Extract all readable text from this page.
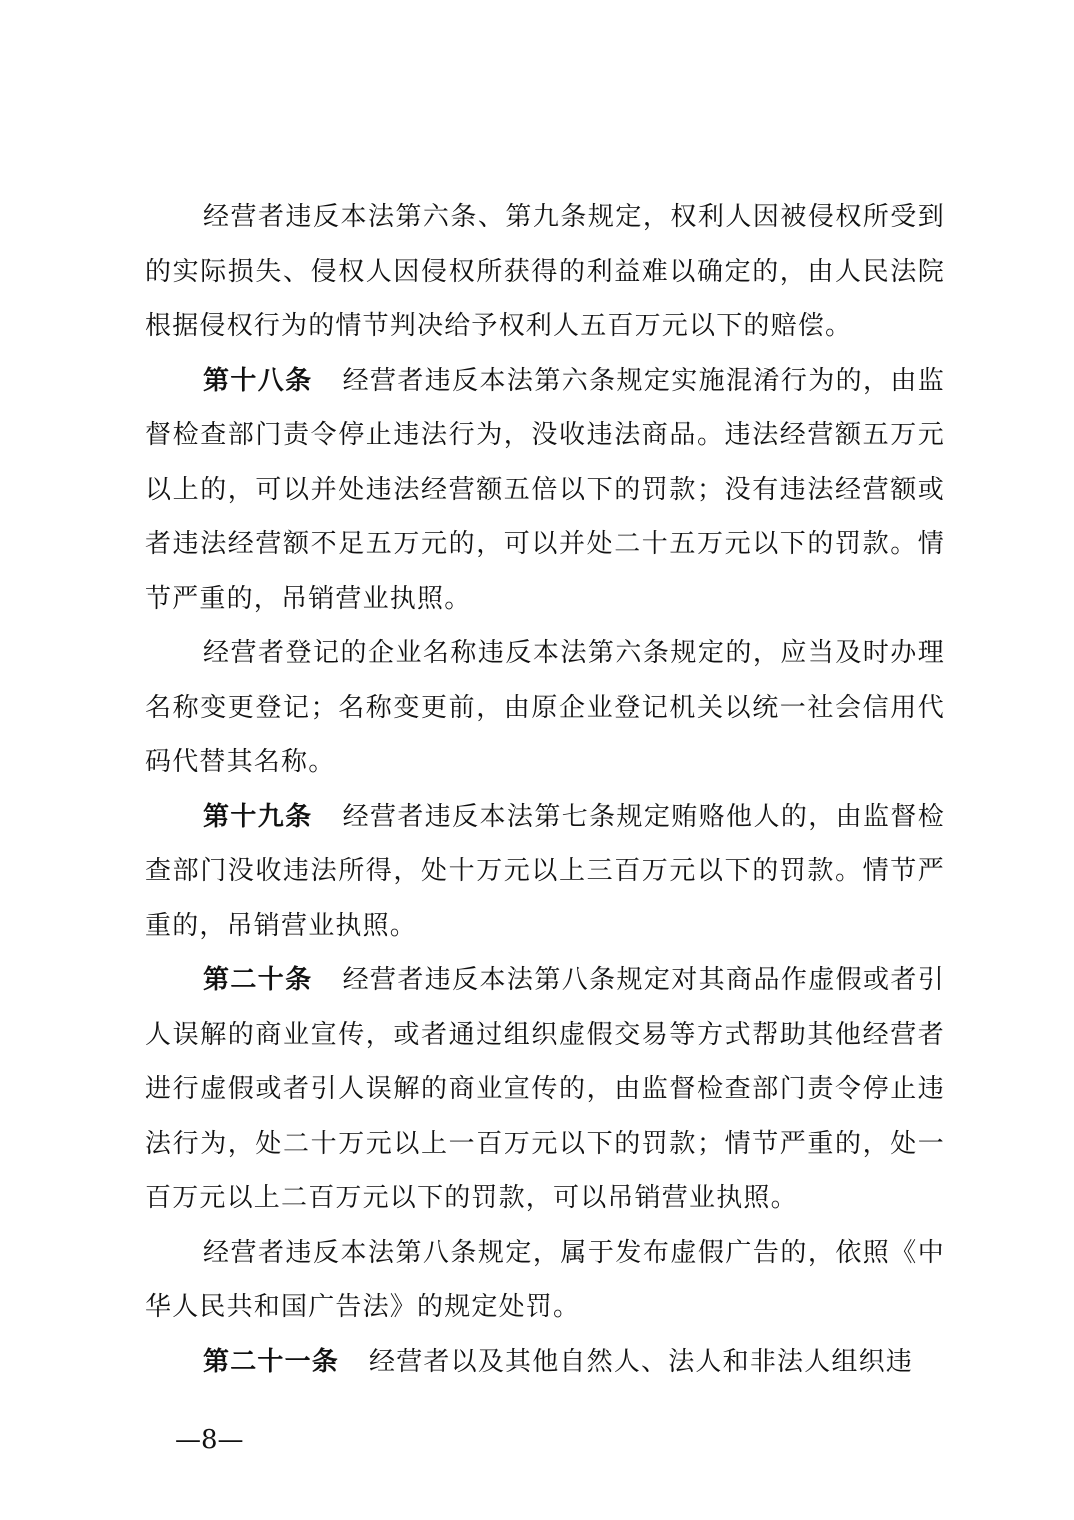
经营者违反本法第六条、第九条规定，权利人因被侵权所受到的实际损失、侵权人因侵权所获得的利益难以确定的，由人民法院根据侵权行为的情节判决给予权利人五百万元以下的赔偿。

第十八条 经营者违反本法第六条规定实施混淆行为的，由监督检查部门责令停止违法行为，没收违法商品。违法经营额五万元以上的，可以并处违法经营额五倍以下的罚款；没有违法经营额或者违法经营额不足五万元的，可以并处二十五万元以下的罚款。情节严重的，吊销营业执照。

经营者登记的企业名称违反本法第六条规定的，应当及时办理名称变更登记；名称变更前，由原企业登记机关以统一社会信用代码代替其名称。

第十九条 经营者违反本法第七条规定贿赂他人的，由监督检查部门没收违法所得，处十万元以上三百万元以下的罚款。情节严重的，吊销营业执照。

第二十条 经营者违反本法第八条规定对其商品作虚假或者引人误解的商业宣传，或者通过组织虚假交易等方式帮助其他经营者进行虚假或者引人误解的商业宣传的，由监督检查部门责令停止违法行为，处二十万元以上一百万元以下的罚款；情节严重的，处一百万元以上二百万元以下的罚款，可以吊销营业执照。

经营者违反本法第八条规定，属于发布虚假广告的，依照《中华人民共和国广告法》的规定处罚。

第二十一条 经营者以及其他自然人、法人和非法人组织违

—8—
